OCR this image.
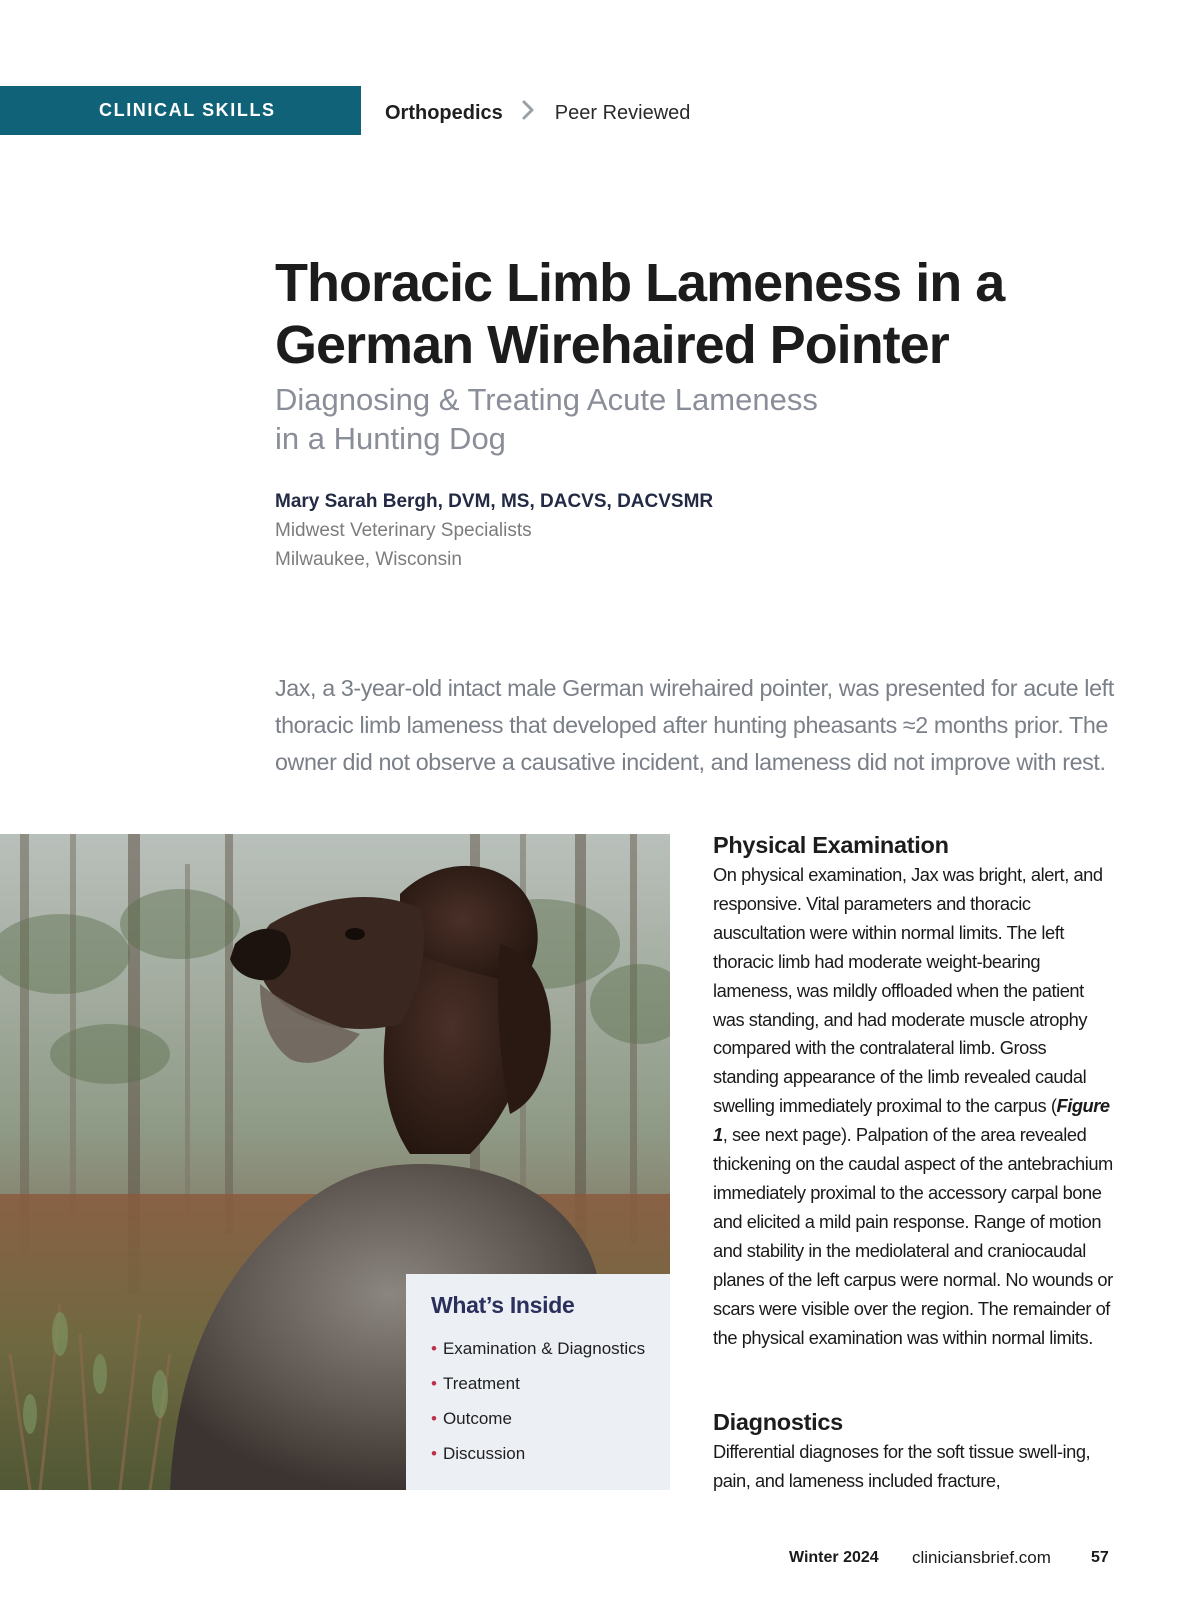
CLINICAL SKILLS	Orthopedics	Peer Reviewed
Thoracic Limb Lameness in a German Wirehaired Pointer
Diagnosing & Treating Acute Lameness in a Hunting Dog
Mary Sarah Bergh, DVM, MS, DACVS, DACVSMR
Midwest Veterinary Specialists
Milwaukee, Wisconsin

Jax, a 3-year-old intact male German wirehaired pointer, was presented for acute left thoracic limb lameness that developed after hunting pheasants ≈2 months prior. The owner did not observe a causative incident, and lameness did not improve with rest.

What’s Inside
• Examination & Diagnostics
• Treatment
• Outcome
• Discussion
Physical Examination

On physical examination, Jax was bright, alert, and responsive. Vital parameters and thoracic auscultation were within normal limits. The left thoracic limb had moderate weight-bearing lameness, was mildly offloaded when the patient was standing, and had moderate muscle atrophy compared with the contralateral limb. Gross standing appearance of the limb revealed caudal swelling immediately proximal to the carpus (Figure 1, see next page). Palpation of the area revealed thickening on the caudal aspect of the antebrachium immediately proximal to the accessory carpal bone and elicited a mild pain response. Range of motion and stability in the mediolateral and craniocaudal planes of the left carpus were normal. No wounds or scars were visible over the region. The remainder of the physical examination was within normal limits.

Diagnostics

Differential diagnoses for the soft tissue swell-ing, pain, and lameness included fracture,

Winter 2024 cliniciansbrief.com	57
